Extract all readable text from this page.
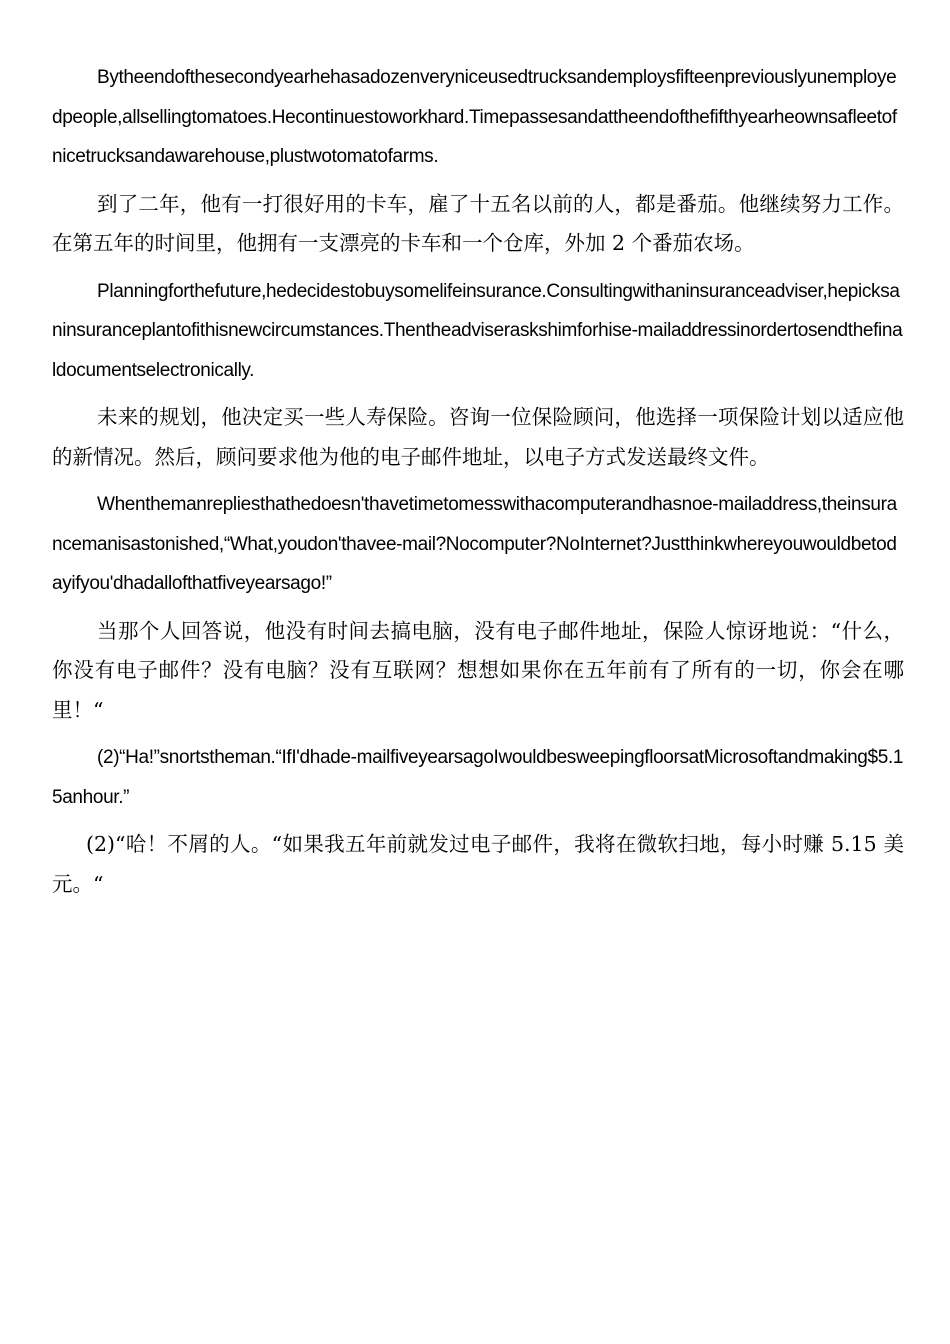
Bytheendofthesecondyearhehasadozenveryniceusedtrucksandemploysfifteenpreviouslyunemployedpeople,allsellingtomatoes.Hecontinuestoworkhard.Timepassesandattheendofthefifthyearheownsafleetofnicetrucksandawarehouse,plustwotomatofarms.

到了二年，他有一打很好用的卡车，雇了十五名以前的人，都是番茄。他继续努力工作。在第五年的时间里，他拥有一支漂亮的卡车和一个仓库，外加 2 个番茄农场。

Planningforthefuture,hedecidestobuysomelifeinsurance.Consultingwithaninsuranceadviser,hepicksaninsuranceplantofithisnewcircumstances.Thentheadviseraskshimforhise-mailaddressinordertosendthefinaldocumentselectronically.

未来的规划，他决定买一些人寿保险。咨询一位保险顾问，他选择一项保险计划以适应他的新情况。然后，顾问要求他为他的电子邮件地址，以电子方式发送最终文件。

Whenthemanrepliesthathedoesn'thavetimetomesswithacomputerandhasnoe-mailaddress,theinsurancemanisastonished,“What,youdon'thavee-mail?Nocomputer?NoInternet?Justthinkwhereyouwouldbetodayifyou'dhadallofthatfiveyearsago!”

当那个人回答说，他没有时间去搞电脑，没有电子邮件地址，保险人惊讶地说：“什么，你没有电子邮件？没有电脑？没有互联网？想想如果你在五年前有了所有的一切，你会在哪里！“

(2)“Ha!”snortstheman.“IfI'dhade-mailfiveyearsagoIwouldbesweepingfloorsatMicrosoftandmaking$5.15anhour.”

(2)“哈！不屑的人。“如果我五年前就发过电子邮件，我将在微软扫地，每小时赚 5.15 美元。“
